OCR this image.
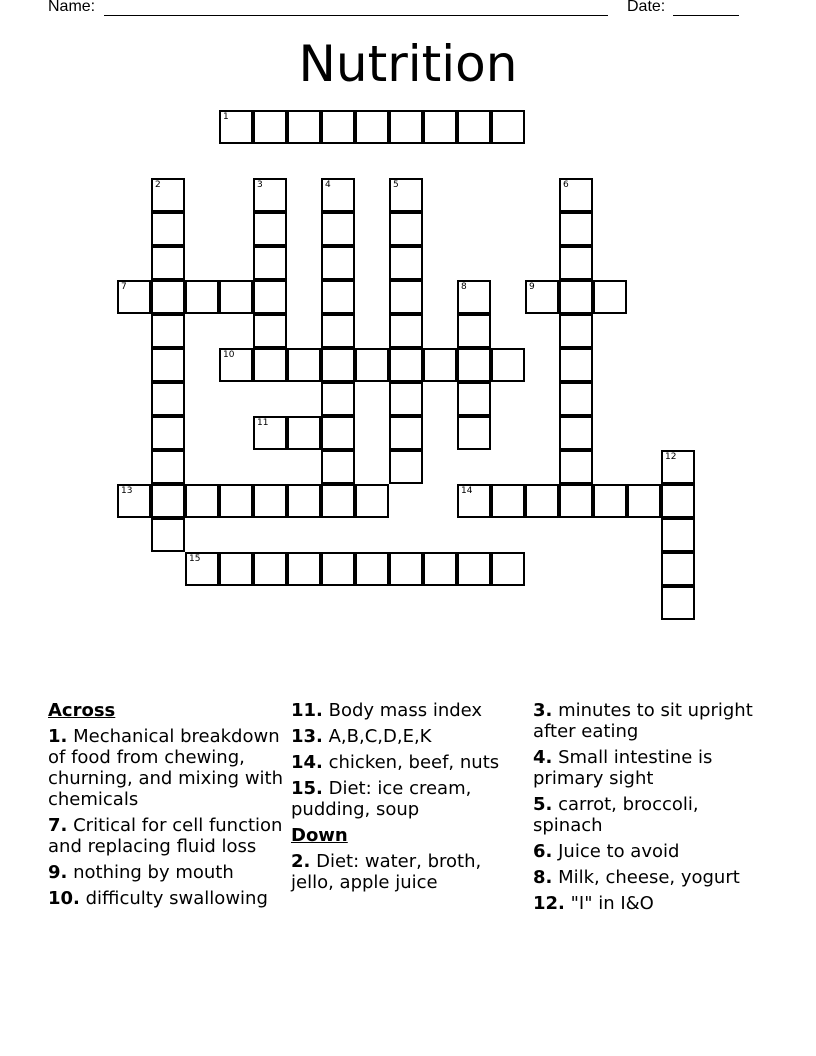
Name:	Date:
Nutrition
1
2	3	4	5	6
7	8	9
10
11
12
13	14
15
Across
1. Mechanical breakdown of food from chewing, churning, and mixing with chemicals
7. Critical for cell function and replacing fluid loss
9. nothing by mouth
10. difficulty swallowing
11. Body mass index
13. A,B,C,D,E,K
14. chicken, beef, nuts
15. Diet: ice cream, pudding, soup
Down
2. Diet: water, broth, jello, apple juice
3. minutes to sit upright after eating
4. Small intestine is primary sight
5. carrot, broccoli, spinach
6. Juice to avoid
8. Milk, cheese, yogurt
12. "I" in I&O
